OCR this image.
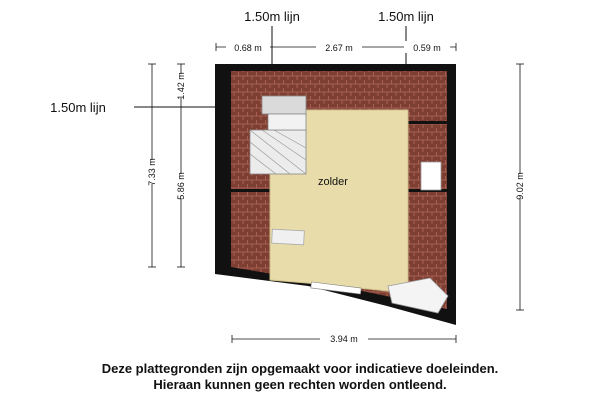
zolder
1.50m lijn	1.50m lijn
0.68 m	2.67 m	0.59 m
1.50m lijn
7.33 m
1.42 m
5.86 m	9.02 m
3.94 m
Deze plattegronden zijn opgemaakt voor indicatieve doeleinden.
Hieraan kunnen geen rechten worden ontleend.
